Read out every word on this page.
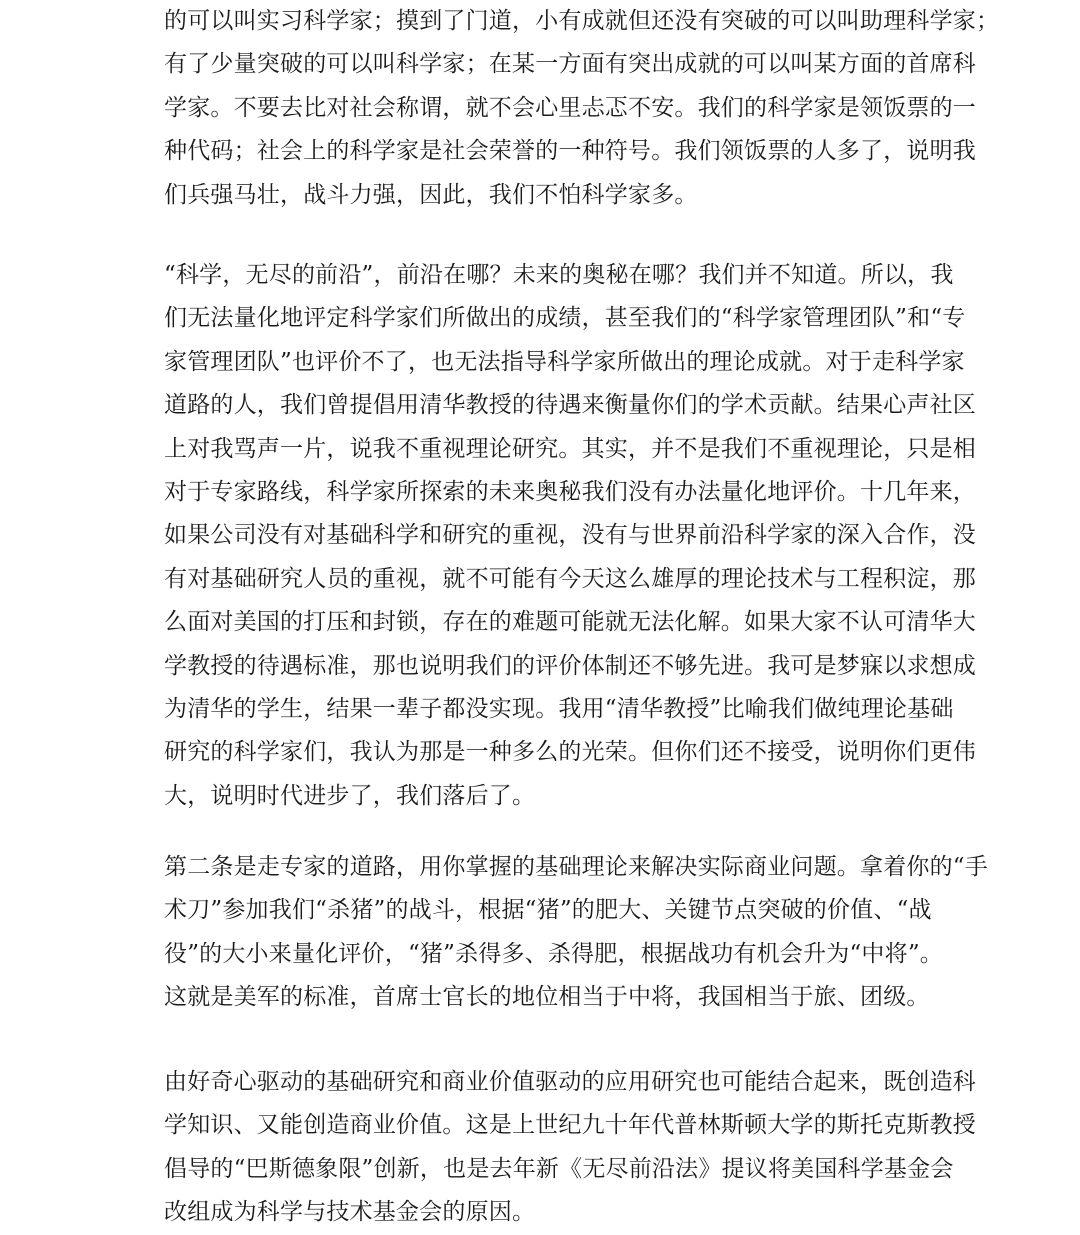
的可以叫实习科学家；摸到了门道，小有成就但还没有突破的可以叫助理科学家；
有了少量突破的可以叫科学家；在某一方面有突出成就的可以叫某方面的首席科
学家。不要去比对社会称谓，就不会心里忐忑不安。我们的科学家是领饭票的一
种代码；社会上的科学家是社会荣誉的一种符号。我们领饭票的人多了，说明我
们兵强马壮，战斗力强，因此，我们不怕科学家多。
“科学，无尽的前沿”，前沿在哪？未来的奥秘在哪？我们并不知道。所以，我
们无法量化地评定科学家们所做出的成绩，甚至我们的“科学家管理团队”和“专
家管理团队”也评价不了，也无法指导科学家所做出的理论成就。对于走科学家
道路的人，我们曾提倡用清华教授的待遇来衡量你们的学术贡献。结果心声社区
上对我骂声一片，说我不重视理论研究。其实，并不是我们不重视理论，只是相
对于专家路线，科学家所探索的未来奥秘我们没有办法量化地评价。十几年来，
如果公司没有对基础科学和研究的重视，没有与世界前沿科学家的深入合作，没
有对基础研究人员的重视，就不可能有今天这么雄厚的理论技术与工程积淀，那
么面对美国的打压和封锁，存在的难题可能就无法化解。如果大家不认可清华大
学教授的待遇标准，那也说明我们的评价体制还不够先进。我可是梦寐以求想成
为清华的学生，结果一辈子都没实现。我用“清华教授”比喻我们做纯理论基础
研究的科学家们，我认为那是一种多么的光荣。但你们还不接受，说明你们更伟
大，说明时代进步了，我们落后了。
第二条是走专家的道路，用你掌握的基础理论来解决实际商业问题。拿着你的“手
术刀”参加我们“杀猪”的战斗，根据“猪”的肥大、关键节点突破的价值、“战
役”的大小来量化评价，“猪”杀得多、杀得肥，根据战功有机会升为“中将”。
这就是美军的标准，首席士官长的地位相当于中将，我国相当于旅、团级。
由好奇心驱动的基础研究和商业价值驱动的应用研究也可能结合起来，既创造科
学知识、又能创造商业价值。这是上世纪九十年代普林斯顿大学的斯托克斯教授
倡导的“巴斯德象限”创新，也是去年新《无尽前沿法》提议将美国科学基金会
改组成为科学与技术基金会的原因。
